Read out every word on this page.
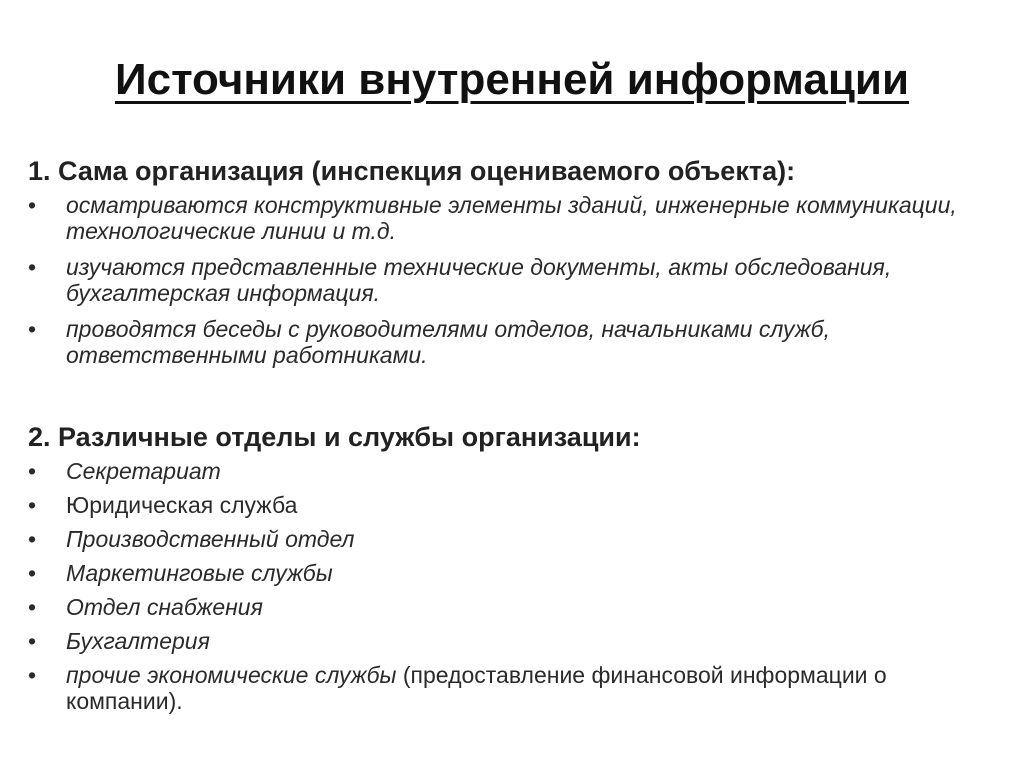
Источники внутренней информации

1. Сама организация (инспекция оцениваемого объекта):

•	осматриваются конструктивные элементы зданий, инженерные коммуникации, технологические линии и т.д.
•	изучаются представленные технические документы, акты обследования, бухгалтерская информация.
•	проводятся беседы с руководителями отделов, начальниками служб, ответственными работниками.

2. Различные отделы и службы организации:

•	Секретариат
•	Юридическая служба
•	Производственный отдел
•	Маркетинговые службы
•	Отдел снабжения
•	Бухгалтерия
•	прочие экономические службы (предоставление финансовой информации о компании).
